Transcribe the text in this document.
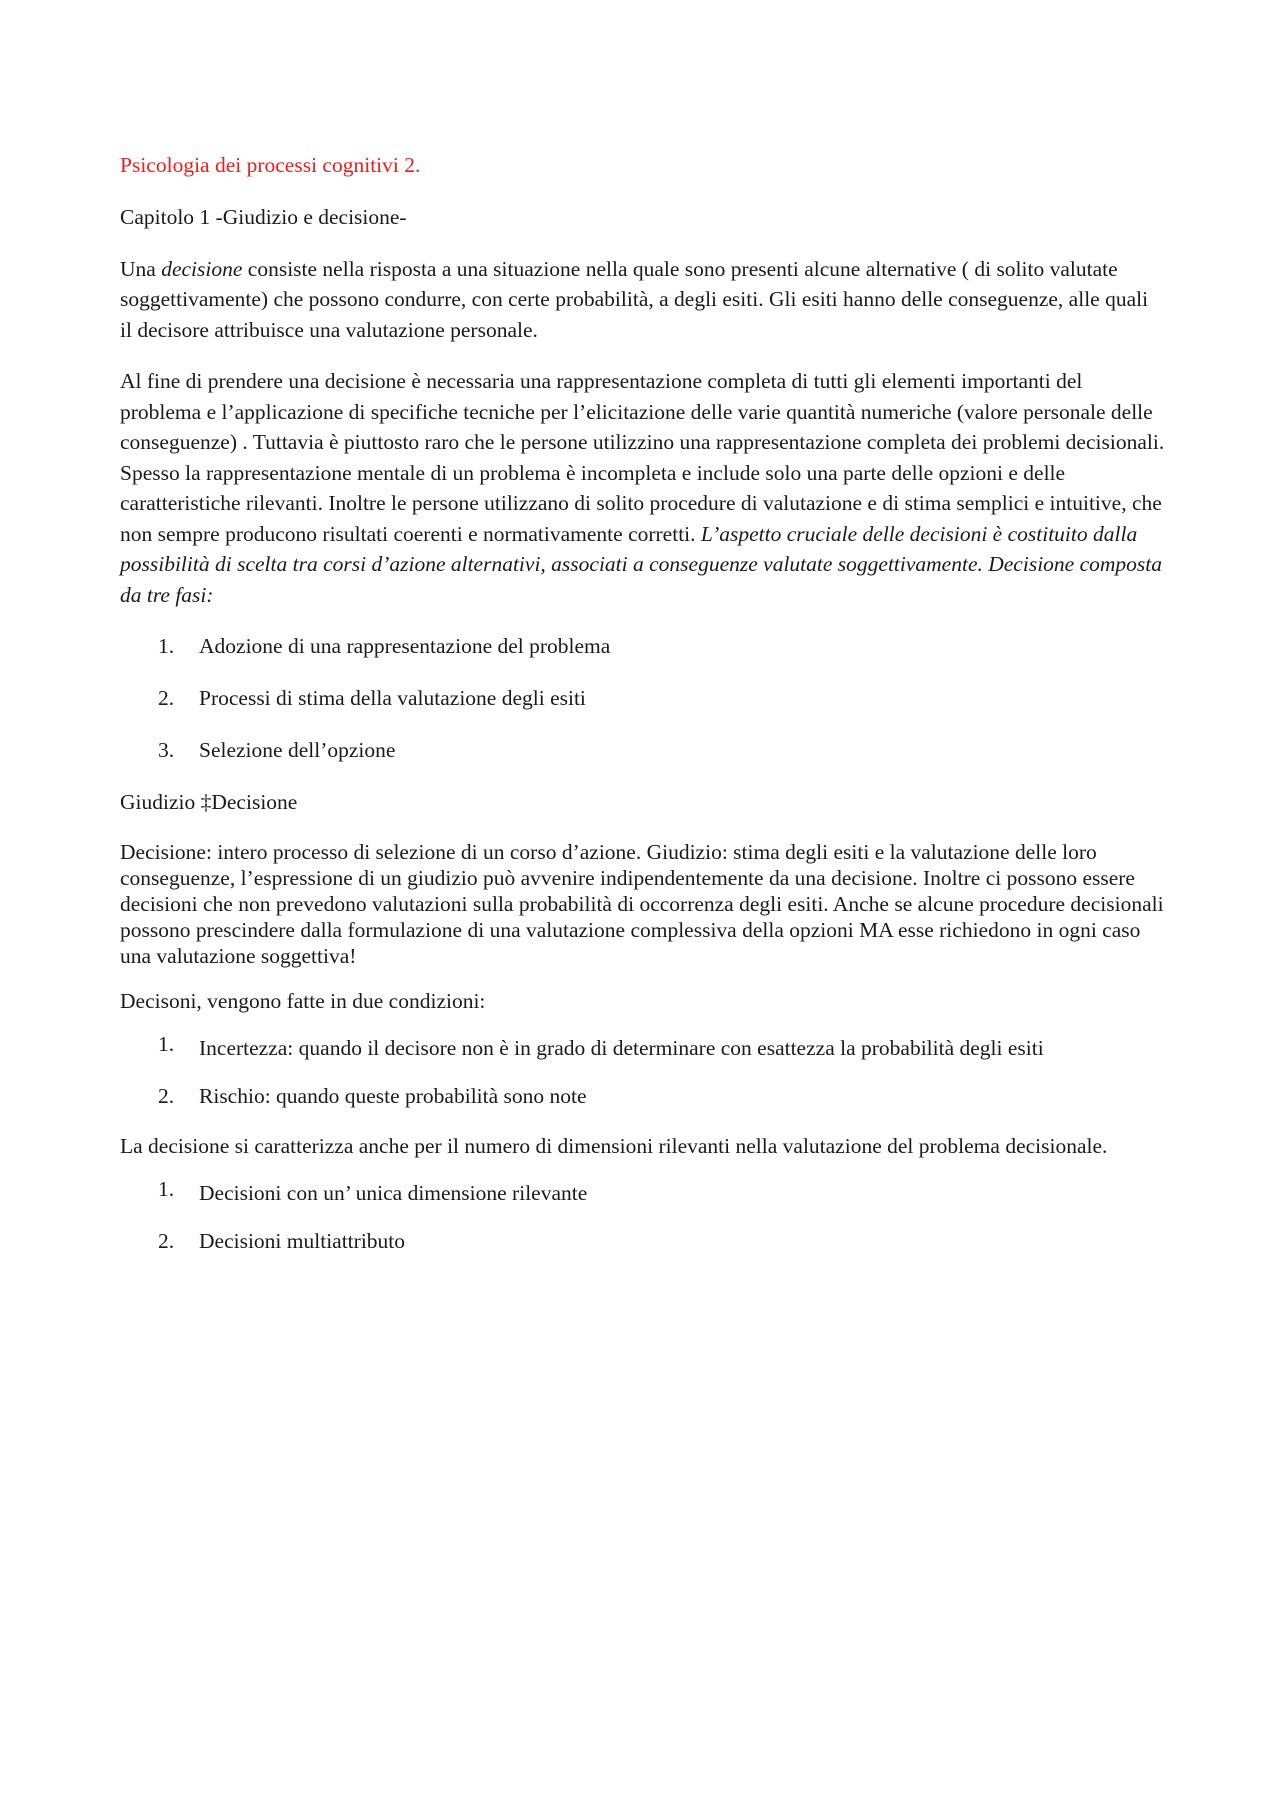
Psicologia dei processi cognitivi 2.
Capitolo 1 -Giudizio e decisione-
Una decisione consiste nella risposta a una situazione nella quale sono presenti alcune alternative ( di solito valutate soggettivamente) che possono condurre, con certe probabilità, a degli esiti. Gli esiti hanno delle conseguenze, alle quali il decisore attribuisce una valutazione personale.
Al fine di prendere una decisione è necessaria una rappresentazione completa di tutti gli elementi importanti del problema e l’applicazione di specifiche tecniche per l’elicitazione delle varie quantità numeriche (valore personale delle conseguenze) . Tuttavia è piuttosto raro che le persone utilizzino una rappresentazione completa dei problemi decisionali. Spesso la rappresentazione mentale di un problema è incompleta e include solo una parte delle opzioni e delle caratteristiche rilevanti. Inoltre le persone utilizzano di solito procedure di valutazione e di stima semplici e intuitive, che non sempre producono risultati coerenti e normativamente corretti. L’aspetto cruciale delle decisioni è costituito dalla possibilità di scelta tra corsi d’azione alternativi, associati a conseguenze valutate soggettivamente. Decisione composta da tre fasi:
1. Adozione di una rappresentazione del problema
2. Processi di stima della valutazione degli esiti
3. Selezione dell’opzione
Giudizio ‡Decisione
Decisione: intero processo di selezione di un corso d’azione. Giudizio: stima degli esiti e la valutazione delle loro conseguenze, l’espressione di un giudizio può avvenire indipendentemente da una decisione. Inoltre ci possono essere decisioni che non prevedono valutazioni sulla probabilità di occorrenza degli esiti. Anche se alcune procedure decisionali possono prescindere dalla formulazione di una valutazione complessiva della opzioni MA esse richiedono in ogni caso una valutazione soggettiva!
Decisoni, vengono fatte in due condizioni:
1. Incertezza: quando il decisore non è in grado di determinare con esattezza la probabilità degli esiti
2. Rischio: quando queste probabilità sono note
La decisione si caratterizza anche per il numero di dimensioni rilevanti nella valutazione del problema decisionale.
1. Decisioni con un’ unica dimensione rilevante
2. Decisioni multiattributo
